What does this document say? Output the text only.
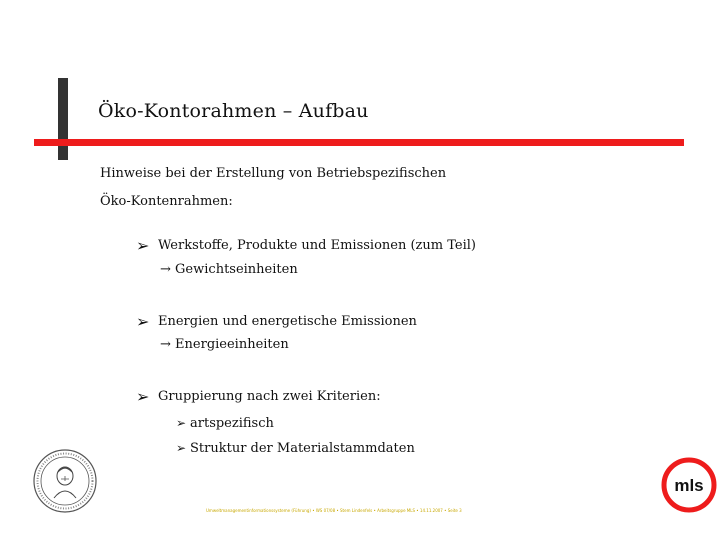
Öko-Kontorahmen – Aufbau
Hinweise bei der Erstellung von Betriebspezifischen
Öko-Kontenrahmen:
➢ Werkstoffe, Produkte und Emissionen (zum Teil)
→ Gewichtseinheiten
➢ Energien und energetische Emissionen
→ Energieeinheiten
➢ Gruppierung nach zwei Kriterien:
➢ artspezifisch
➢ Struktur der Materialstammdaten
mls
Umweltmanagementinformationssysteme (Führung) • WS 07/08 • Stem Lindenfels • Arbeitsgruppe MLS • 14.11.2007 • Seite 3
